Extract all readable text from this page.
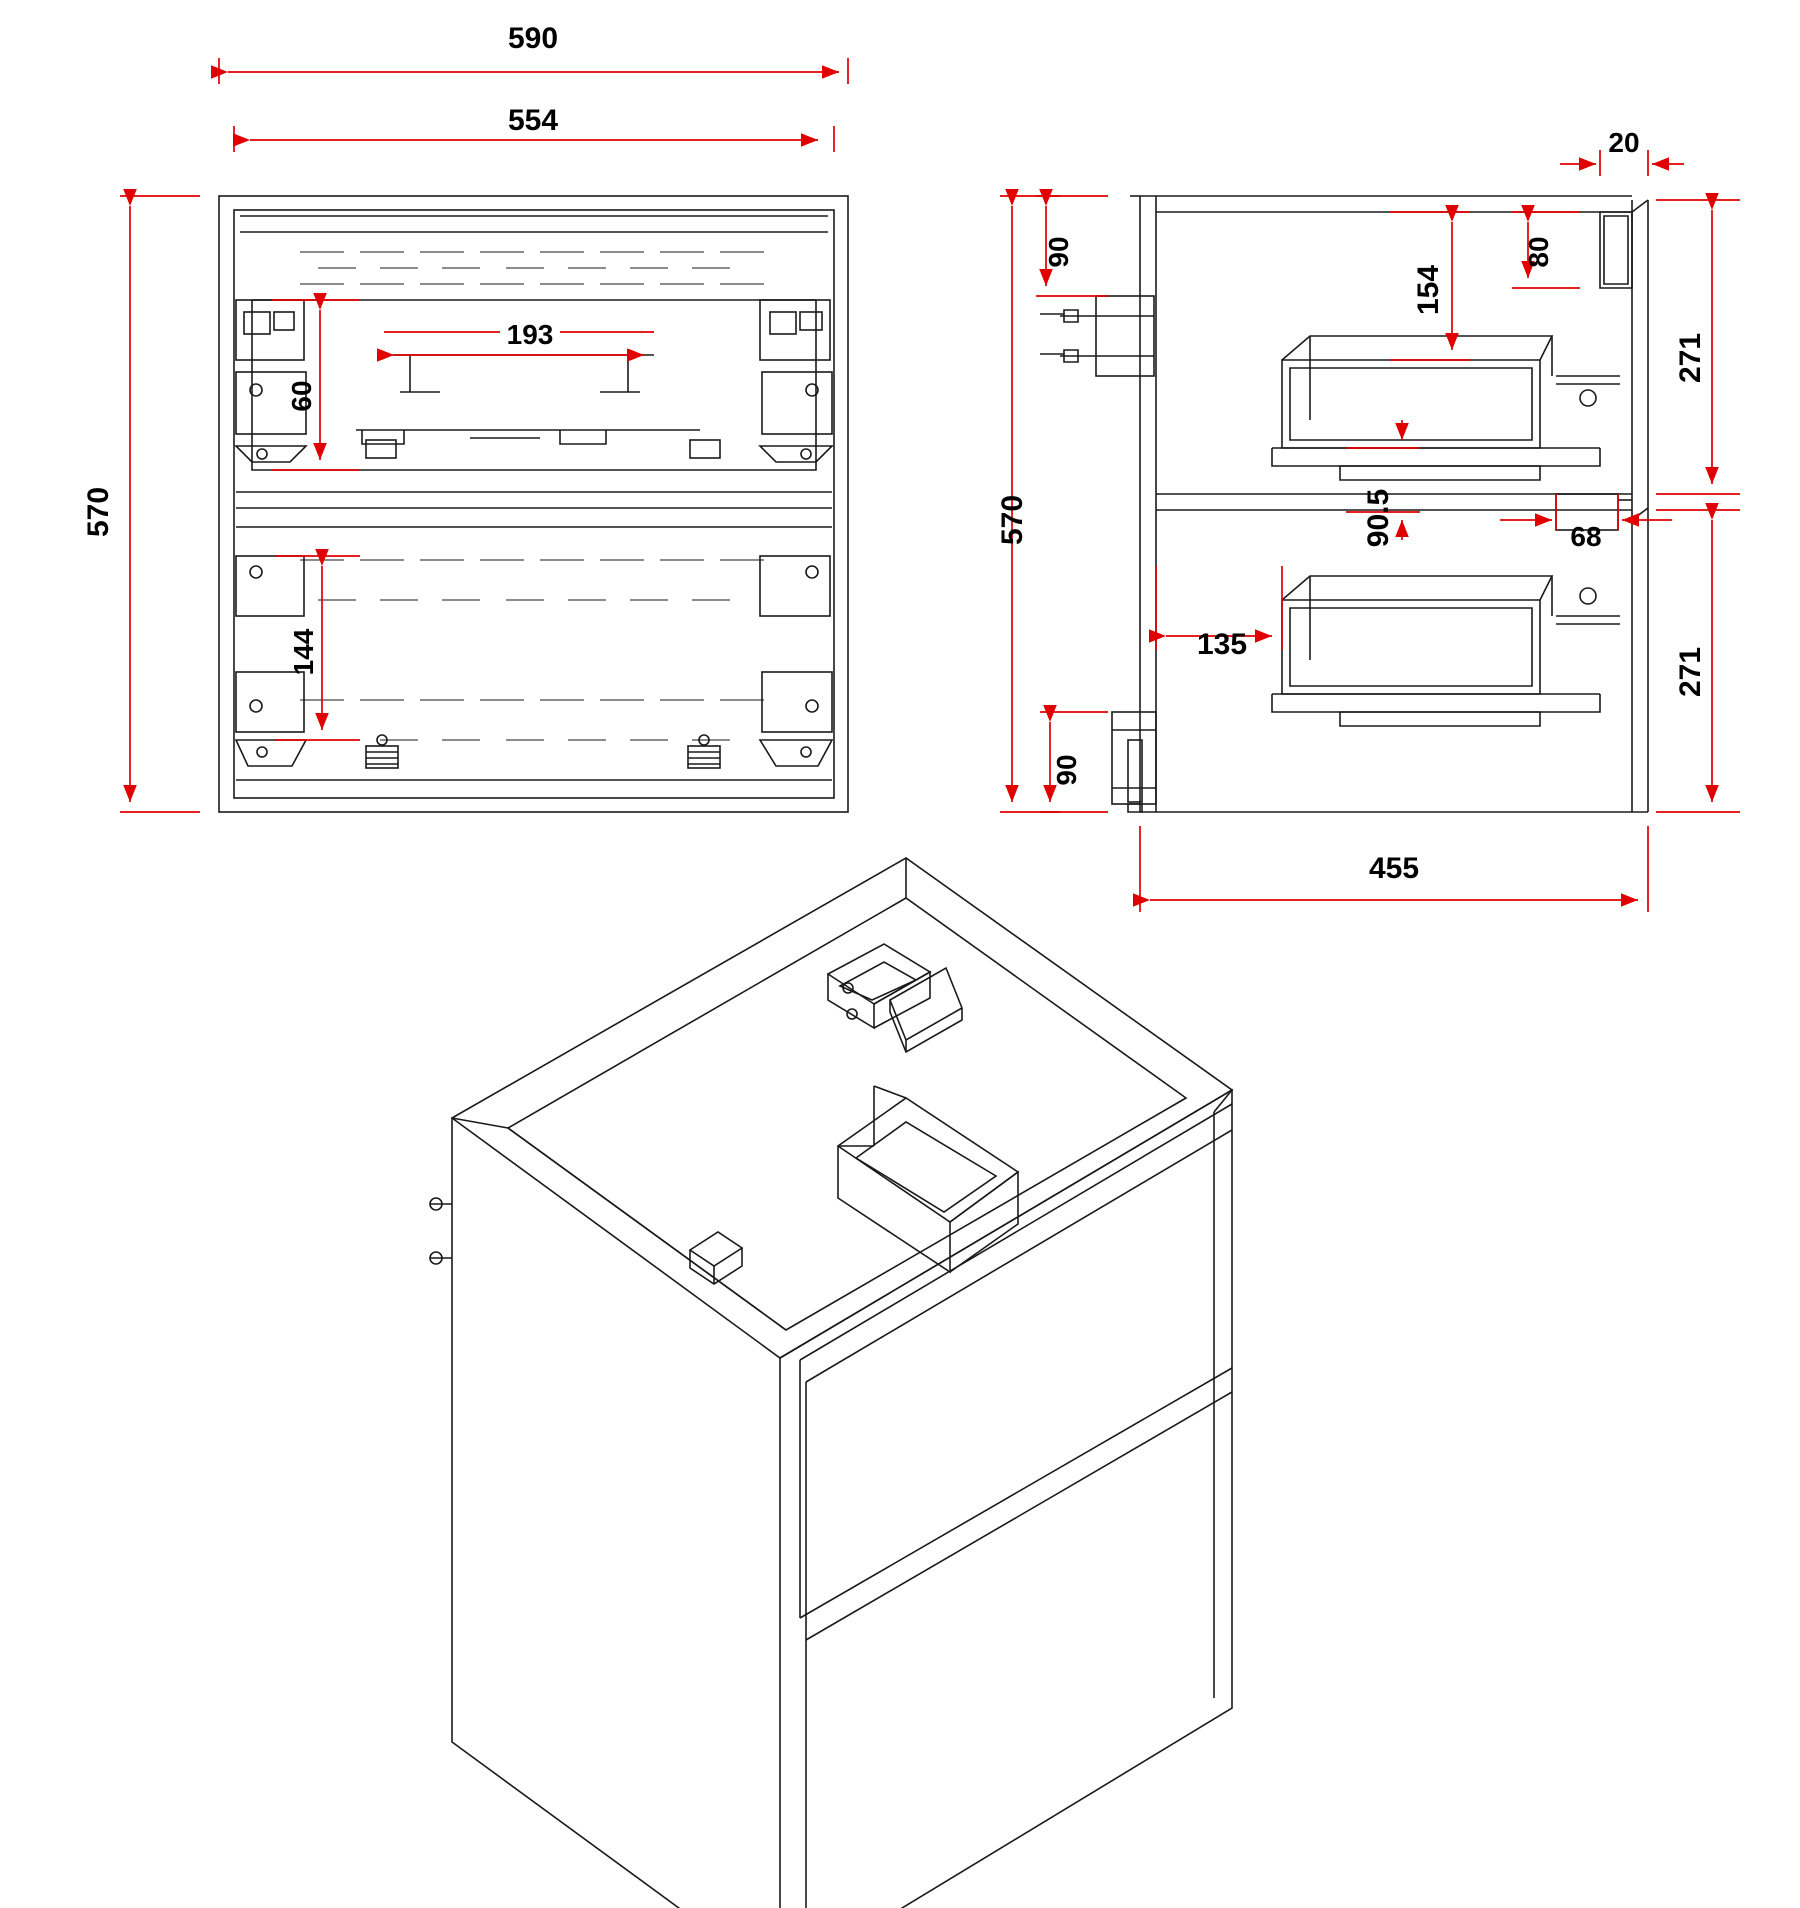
590
554
570
193
60
144
20
90	80
154
570
271
271
90.5	68
135
90
455
